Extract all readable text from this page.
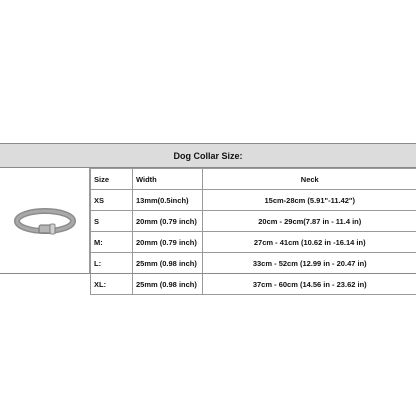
Dog Collar Size:
Size	Width	Neck
XS	13mm(0.5inch)	15cm-28cm (5.91"-11.42")
S	20mm (0.79 inch)	20cm - 29cm(7.87 in - 11.4 in)
M:	20mm (0.79 inch)	27cm - 41cm (10.62 in -16.14 in)
L:	25mm (0.98 inch)	33cm - 52cm (12.99 in - 20.47 in)
XL:	25mm (0.98 inch)	37cm - 60cm (14.56 in - 23.62 in)
